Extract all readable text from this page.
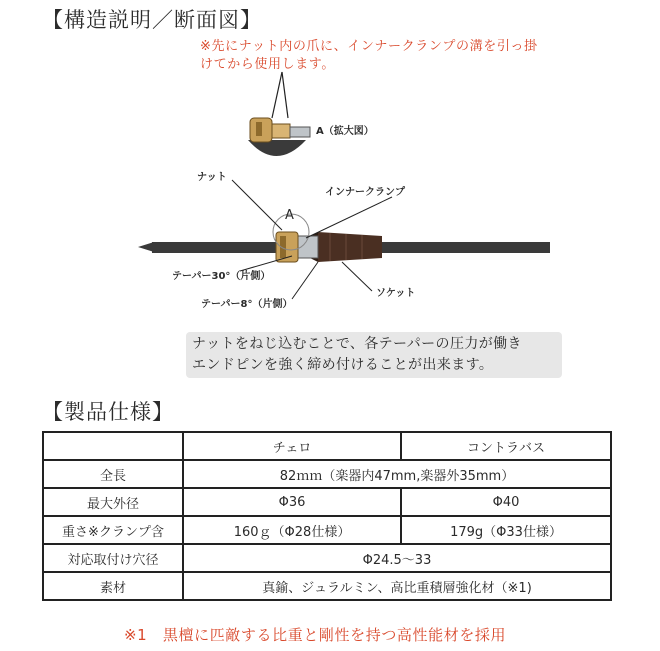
【構造説明／断面図】
※先にナット内の爪に、インナークランプの溝を引っ掛けてから使用します。
A（拡大図）
A
ナット
インナークランプ
テーパー30°（片側）
テーパー8°（片側）
ソケット
ナットをねじ込むことで、各テーパーの圧力が働き
エンドピンを強く締め付けることが出来ます。
【製品仕様】
	チェロ	コントラバス
全長	82ｍｍ（楽器内47mm,楽器外35mm）	
最大外径	Φ36	Φ40
重さ※クランプ含	160ｇ（Φ28仕様）	179g（Φ33仕様）
対応取付け穴径	Φ24.5～33	
素材	真鍮、ジュラルミン、高比重積層強化材（※1)	
※1　黒檀に匹敵する比重と剛性を持つ高性能材を採用
